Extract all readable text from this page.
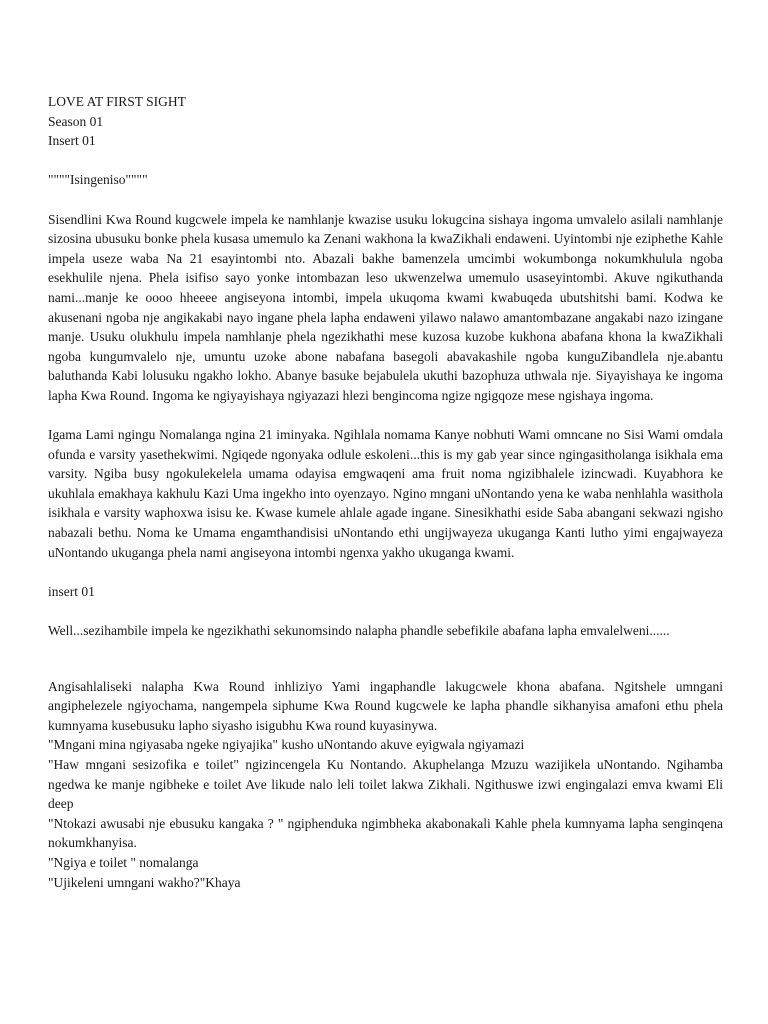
LOVE AT FIRST SIGHT

Season 01

Insert 01

""""Isingeniso""""

Sisendlini Kwa Round kugcwele impela ke namhlanje kwazise usuku lokugcina sishaya ingoma umvalelo asilali namhlanje sizosina ubusuku bonke phela kusasa umemulo ka Zenani wakhona la kwaZikhali endaweni. Uyintombi nje eziphethe Kahle impela useze waba Na 21 esayintombi nto. Abazali bakhe bamenzela umcimbi wokumbonga nokumkhulula ngoba esekhulile njena. Phela isifiso sayo yonke intombazan leso ukwenzelwa umemulo usaseyintombi. Akuve ngikuthanda nami...manje ke oooo hheeee angiseyona intombi, impela ukuqoma kwami kwabuqeda ubutshitshi bami. Kodwa ke akusenani ngoba nje angikakabi nayo ingane phela lapha endaweni yilawo nalawo amantombazane angakabi nazo izingane manje. Usuku olukhulu impela namhlanje phela ngezikhathi mese kuzosa kuzobe kukhona abafana khona la kwaZikhali ngoba kungumvalelo nje, umuntu uzoke abone nabafana basegoli abavakashile ngoba kunguZibandlela nje.abantu baluthanda Kabi lolusuku ngakho lokho. Abanye basuke bejabulela ukuthi bazophuza uthwala nje. Siyayishaya ke ingoma lapha Kwa Round. Ingoma ke ngiyayishaya ngiyazazi hlezi bengincoma ngize ngigqoze mese ngishaya ingoma.

Igama Lami ngingu Nomalanga ngina 21 iminyaka. Ngihlala nomama Kanye nobhuti Wami omncane no Sisi Wami omdala ofunda e varsity yasethekwimi. Ngiqede ngonyaka odlule eskoleni...this is my gab year since ngingasitholanga isikhala ema varsity. Ngiba busy ngokulekelela umama odayisa emgwaqeni ama fruit noma ngizibhalele izincwadi. Kuyabhora ke ukuhlala emakhaya kakhulu Kazi Uma ingekho into oyenzayo. Ngino mngani uNontando yena ke waba nenhlahla wasithola isikhala e varsity waphoxwa isisu ke. Kwase kumele ahlale agade ingane. Sinesikhathi eside Saba abangani sekwazi ngisho nabazali bethu. Noma ke Umama engamthandisisi uNontando ethi ungijwayeza ukuganga Kanti lutho yimi engajwayeza uNontando ukuganga phela nami angiseyona intombi ngenxa yakho ukuganga kwami.

insert 01

Well...sezihambile impela ke ngezikhathi sekunomsindo nalapha phandle sebefikile abafana lapha emvalelweni......

Angisahlaliseki nalapha Kwa Round inhliziyo Yami ingaphandle lakugcwele khona abafana. Ngitshele umngani angiphelezele ngiyochama, nangempela siphume Kwa Round kugcwele ke lapha phandle sikhanyisa amafoni ethu phela kumnyama kusebusuku lapho siyasho isigubhu Kwa round kuyasinywa.

"Mngani mina ngiyasaba ngeke ngiyajika" kusho uNontando akuve eyigwala ngiyamazi

"Haw mngani sesizofika e toilet" ngizincengela Ku Nontando. Akuphelanga Mzuzu wazijikela uNontando. Ngihamba ngedwa ke manje ngibheke e toilet Ave likude nalo leli toilet lakwa Zikhali. Ngithuswe izwi engingalazi emva kwami Eli deep

"Ntokazi awusabi nje ebusuku kangaka ? " ngiphenduka ngimbheka akabonakali Kahle phela kumnyama lapha senginqena nokumkhanyisa.

"Ngiya e toilet " nomalanga

"Ujikeleni umngani wakho?"Khaya
